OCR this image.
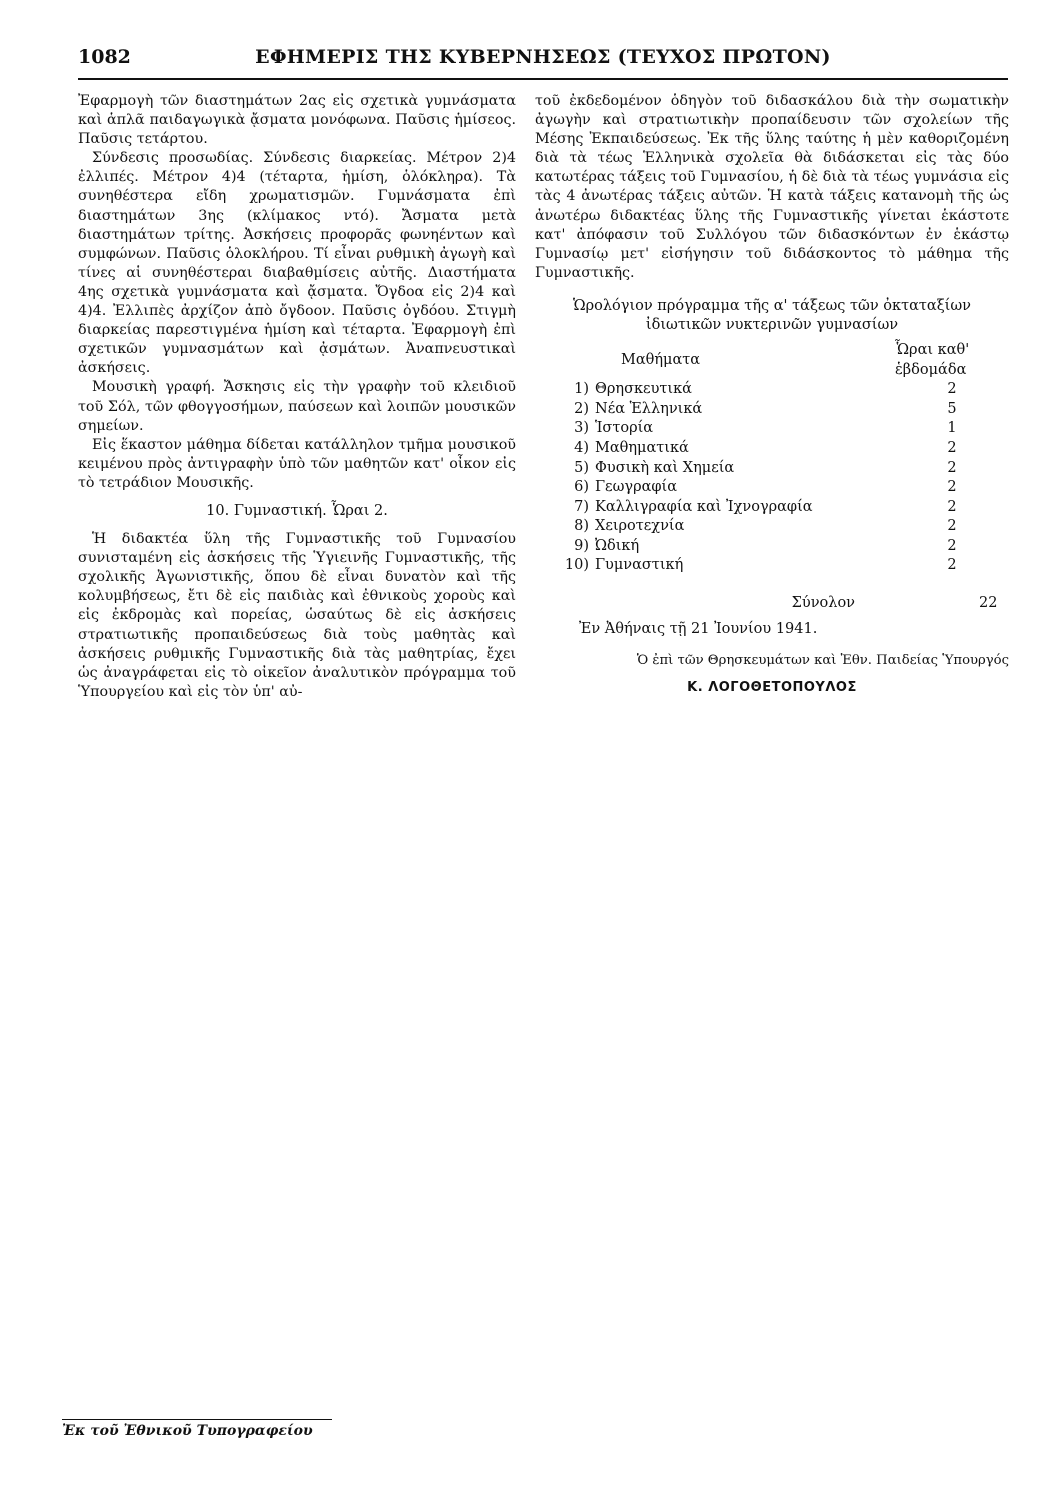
1082	ΕΦΗΜΕΡΙΣ ΤΗΣ ΚΥΒΕΡΝΗΣΕΩΣ (ΤΕΥΧΟΣ ΠΡΩΤΟΝ)

Ἐφαρμογὴ τῶν διαστημάτων 2ας εἰς σχετικὰ γυμνάσματα καὶ ἁπλᾶ παιδαγωγικὰ ᾄσματα μονόφωνα. Παῦσις ἡμίσεος. Παῦσις τετάρτου.

Σύνδεσις προσωδίας. Σύνδεσις διαρκείας. Μέτρον 2)4 ἐλλιπές. Μέτρον 4)4 (τέταρτα, ἡμίση, ὁλόκληρα). Τὰ συνηθέστερα εἴδη χρωματισμῶν. Γυμνάσματα ἐπὶ διαστημάτων 3ης (κλίμακος ντό). Ἄσματα μετὰ διαστημάτων τρίτης. Ἀσκήσεις προφορᾶς φωνηέντων καὶ συμφώνων. Παῦσις ὁλοκλήρου. Τί εἶναι ρυθμικὴ ἀγωγὴ καὶ τίνες αἱ συνηθέστεραι διαβαθμίσεις αὐτῆς. Διαστήματα 4ης σχετικὰ γυμνάσματα καὶ ᾄσματα. Ὄγδοα εἰς 2)4 καὶ 4)4. Ἐλλιπὲς ἀρχίζον ἀπὸ ὄγδοον. Παῦσις ὀγδόου. Στιγμὴ διαρκείας παρεστιγμένα ἡμίση καὶ τέταρτα. Ἐφαρμογὴ ἐπὶ σχετικῶν γυμνασμάτων καὶ ᾀσμάτων. Ἀναπνευστικαὶ ἀσκήσεις.

Μουσικὴ γραφή. Ἄσκησις εἰς τὴν γραφὴν τοῦ κλειδιοῦ τοῦ Σόλ, τῶν φθογγοσήμων, παύσεων καὶ λοιπῶν μουσικῶν σημείων.

Εἰς ἕκαστον μάθημα δίδεται κατάλληλον τμῆμα μουσικοῦ κειμένου πρὸς ἀντιγραφὴν ὑπὸ τῶν μαθητῶν κατ' οἶκον εἰς τὸ τετράδιον Μουσικῆς.

10. Γυμναστική. Ὧραι 2.

Ἡ διδακτέα ὕλη τῆς Γυμναστικῆς τοῦ Γυμνασίου συνισταμένη εἰς ἀσκήσεις τῆς Ὑγιεινῆς Γυμναστικῆς, τῆς σχολικῆς Ἀγωνιστικῆς, ὅπου δὲ εἶναι δυνατὸν καὶ τῆς κολυμβήσεως, ἔτι δὲ εἰς παιδιὰς καὶ ἐθνικοὺς χοροὺς καὶ εἰς ἐκδρομὰς καὶ πορείας, ὡσαύτως δὲ εἰς ἀσκήσεις στρατιωτικῆς προπαιδεύσεως διὰ τοὺς μαθητὰς καὶ ἀσκήσεις ρυθμικῆς Γυμναστικῆς διὰ τὰς μαθητρίας, ἔχει ὡς ἀναγράφεται εἰς τὸ οἰκεῖον ἀναλυτικὸν πρόγραμμα τοῦ Ὑπουργείου καὶ εἰς τὸν ὑπ' αὐ-

τοῦ ἐκδεδομένον ὁδηγὸν τοῦ διδασκάλου διὰ τὴν σωματικὴν ἀγωγὴν καὶ στρατιωτικὴν προπαίδευσιν τῶν σχολείων τῆς Μέσης Ἐκπαιδεύσεως. Ἐκ τῆς ὕλης ταύτης ἡ μὲν καθοριζομένη διὰ τὰ τέως Ἑλληνικὰ σχολεῖα θὰ διδάσκεται εἰς τὰς δύο κατωτέρας τάξεις τοῦ Γυμνασίου, ἡ δὲ διὰ τὰ τέως γυμνάσια εἰς τὰς 4 ἀνωτέρας τάξεις αὐτῶν. Ἡ κατὰ τάξεις κατανομὴ τῆς ὡς ἀνωτέρω διδακτέας ὕλης τῆς Γυμναστικῆς γίνεται ἑκάστοτε κατ' ἀπόφασιν τοῦ Συλλόγου τῶν διδασκόντων ἐν ἑκάστῳ Γυμνασίῳ μετ' εἰσήγησιν τοῦ διδάσκοντος τὸ μάθημα τῆς Γυμναστικῆς.

Ὡρολόγιον πρόγραμμα τῆς α' τάξεως τῶν ὀκταταξίων ἰδιωτικῶν νυκτερινῶν γυμνασίων

	Μαθήματα	Ὧραι καθ' ἑβδομάδα
1)	Θρησκευτικά	2
2)	Νέα Ἑλληνικά	5
3)	Ἱστορία	1
4)	Μαθηματικά	2
5)	Φυσικὴ καὶ Χημεία	2
6)	Γεωγραφία	2
7)	Καλλιγραφία καὶ Ἰχνογραφία	2
8)	Χειροτεχνία	2
9)	Ὠδική	2
10)	Γυμναστική	2
	Σύνολον	22

Ἐν Ἀθήναις τῇ 21 Ἰουνίου 1941.

Ὁ ἐπὶ τῶν Θρησκευμάτων καὶ Ἐθν. Παιδείας Ὑπουργός

Κ. ΛΟΓΟΘΕΤΟΠΟΥΛΟΣ

Ἐκ τοῦ Ἐθνικοῦ Τυπογραφείου
